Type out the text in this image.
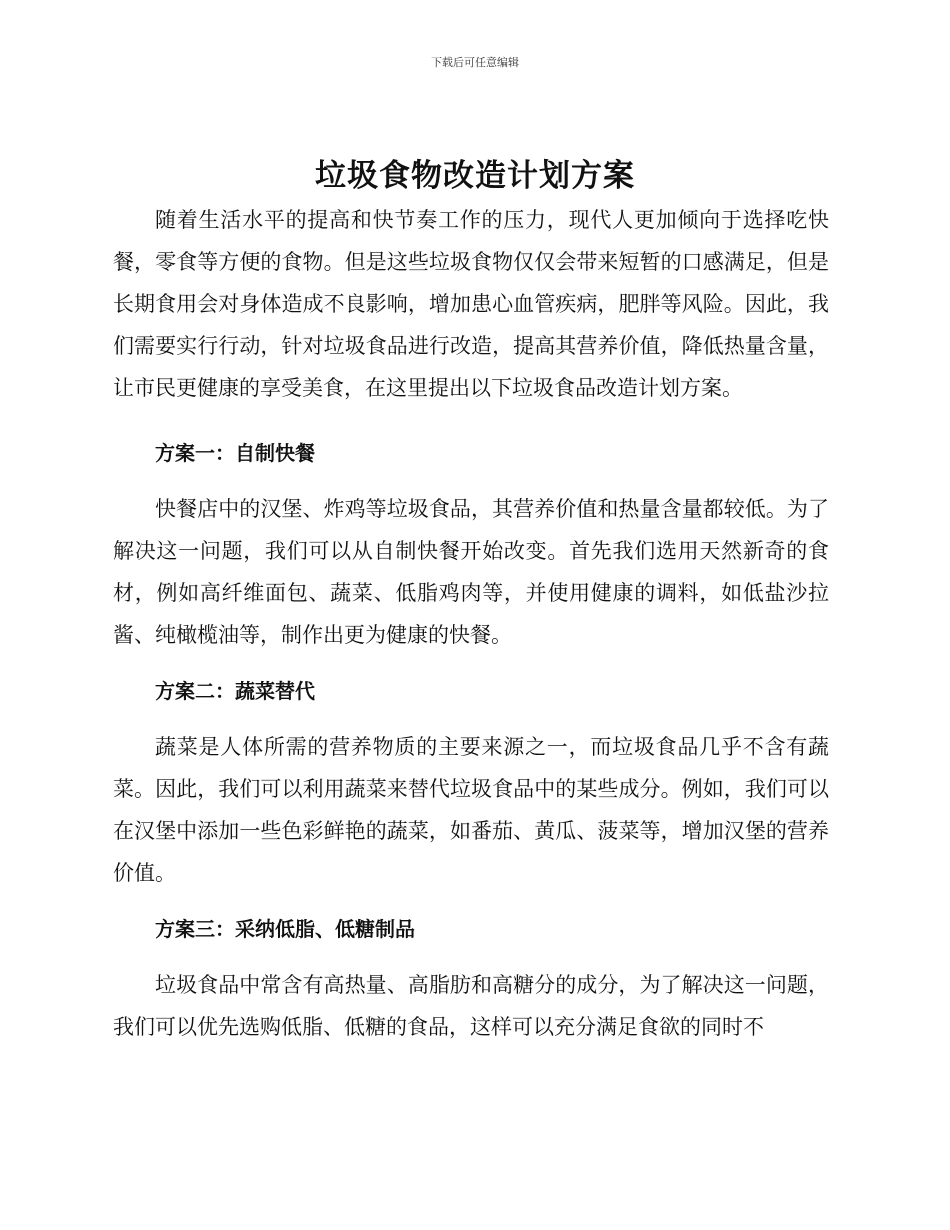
下载后可任意编辑
垃圾食物改造计划方案

随着生活水平的提高和快节奏工作的压力，现代人更加倾向于选择吃快餐，零食等方便的食物。但是这些垃圾食物仅仅会带来短暂的口感满足，但是长期食用会对身体造成不良影响，增加患心血管疾病，肥胖等风险。因此，我们需要实行行动，针对垃圾食品进行改造，提高其营养价值，降低热量含量，让市民更健康的享受美食，在这里提出以下垃圾食品改造计划方案。

方案一：自制快餐

快餐店中的汉堡、炸鸡等垃圾食品，其营养价值和热量含量都较低。为了解决这一问题，我们可以从自制快餐开始改变。首先我们选用天然新奇的食材，例如高纤维面包、蔬菜、低脂鸡肉等，并使用健康的调料，如低盐沙拉酱、纯橄榄油等，制作出更为健康的快餐。

方案二：蔬菜替代

蔬菜是人体所需的营养物质的主要来源之一，而垃圾食品几乎不含有蔬菜。因此，我们可以利用蔬菜来替代垃圾食品中的某些成分。例如，我们可以在汉堡中添加一些色彩鲜艳的蔬菜，如番茄、黄瓜、菠菜等，增加汉堡的营养价值。

方案三：采纳低脂、低糖制品

垃圾食品中常含有高热量、高脂肪和高糖分的成分，为了解决这一问题，我们可以优先选购低脂、低糖的食品，这样可以充分满足食欲的同时不
